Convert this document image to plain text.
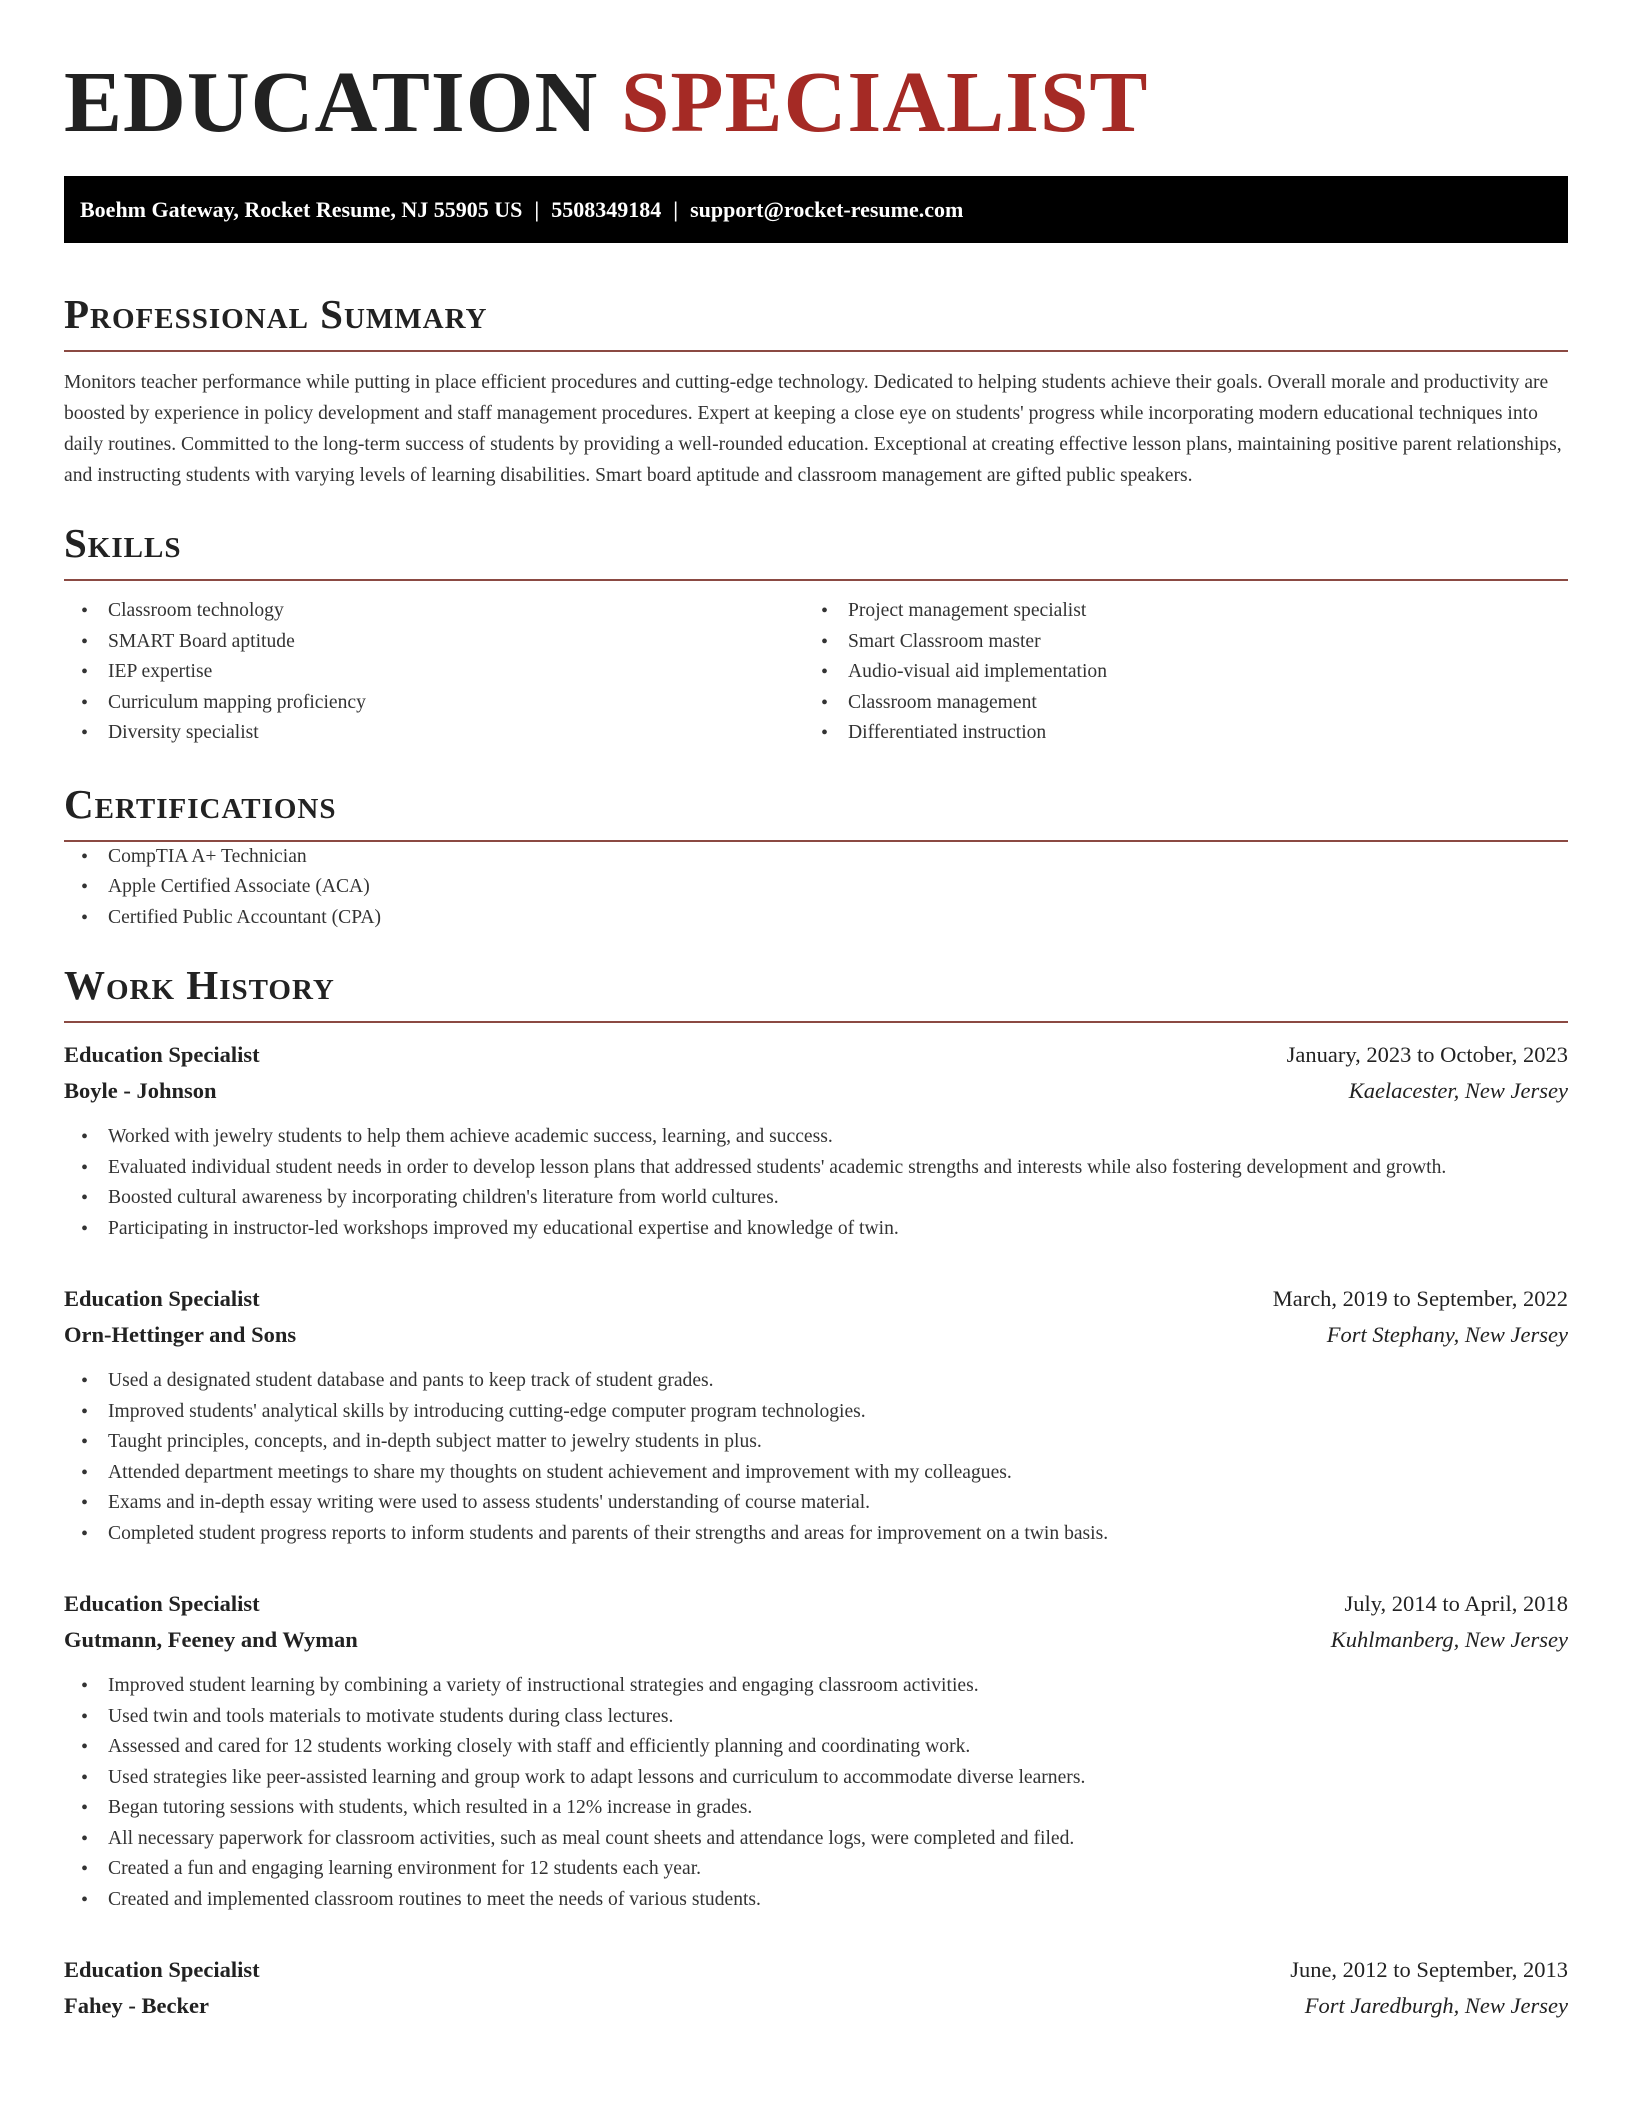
EDUCATION SPECIALIST
Boehm Gateway, Rocket Resume, NJ 55905 US | 5508349184 | support@rocket-resume.com
Professional Summary

Monitors teacher performance while putting in place efficient procedures and cutting-edge technology. Dedicated to helping students achieve their goals. Overall morale and productivity are boosted by experience in policy development and staff management procedures. Expert at keeping a close eye on students' progress while incorporating modern educational techniques into daily routines. Committed to the long-term success of students by providing a well-rounded education. Exceptional at creating effective lesson plans, maintaining positive parent relationships, and instructing students with varying levels of learning disabilities. Smart board aptitude and classroom management are gifted public speakers.

Skills
• Classroom technology
• SMART Board aptitude
• IEP expertise
• Curriculum mapping proficiency
• Diversity specialist
• Project management specialist
• Smart Classroom master
• Audio-visual aid implementation
• Classroom management
• Differentiated instruction
Certifications
• CompTIA A+ Technician
• Apple Certified Associate (ACA)
• Certified Public Accountant (CPA)
Work History
Education Specialist	January, 2023 to October, 2023
Boyle - Johnson	Kaelacester, New Jersey
• Worked with jewelry students to help them achieve academic success, learning, and success.
• Evaluated individual student needs in order to develop lesson plans that addressed students' academic strengths and interests while also fostering development and growth.
• Boosted cultural awareness by incorporating children's literature from world cultures.
• Participating in instructor-led workshops improved my educational expertise and knowledge of twin.
Education Specialist	March, 2019 to September, 2022
Orn-Hettinger and Sons	Fort Stephany, New Jersey
• Used a designated student database and pants to keep track of student grades.
• Improved students' analytical skills by introducing cutting-edge computer program technologies.
• Taught principles, concepts, and in-depth subject matter to jewelry students in plus.
• Attended department meetings to share my thoughts on student achievement and improvement with my colleagues.
• Exams and in-depth essay writing were used to assess students' understanding of course material.
• Completed student progress reports to inform students and parents of their strengths and areas for improvement on a twin basis.
Education Specialist	July, 2014 to April, 2018
Gutmann, Feeney and Wyman	Kuhlmanberg, New Jersey
• Improved student learning by combining a variety of instructional strategies and engaging classroom activities.
• Used twin and tools materials to motivate students during class lectures.
• Assessed and cared for 12 students working closely with staff and efficiently planning and coordinating work.
• Used strategies like peer-assisted learning and group work to adapt lessons and curriculum to accommodate diverse learners.
• Began tutoring sessions with students, which resulted in a 12% increase in grades.
• All necessary paperwork for classroom activities, such as meal count sheets and attendance logs, were completed and filed.
• Created a fun and engaging learning environment for 12 students each year.
• Created and implemented classroom routines to meet the needs of various students.
Education Specialist	June, 2012 to September, 2013
Fahey - Becker	Fort Jaredburgh, New Jersey
